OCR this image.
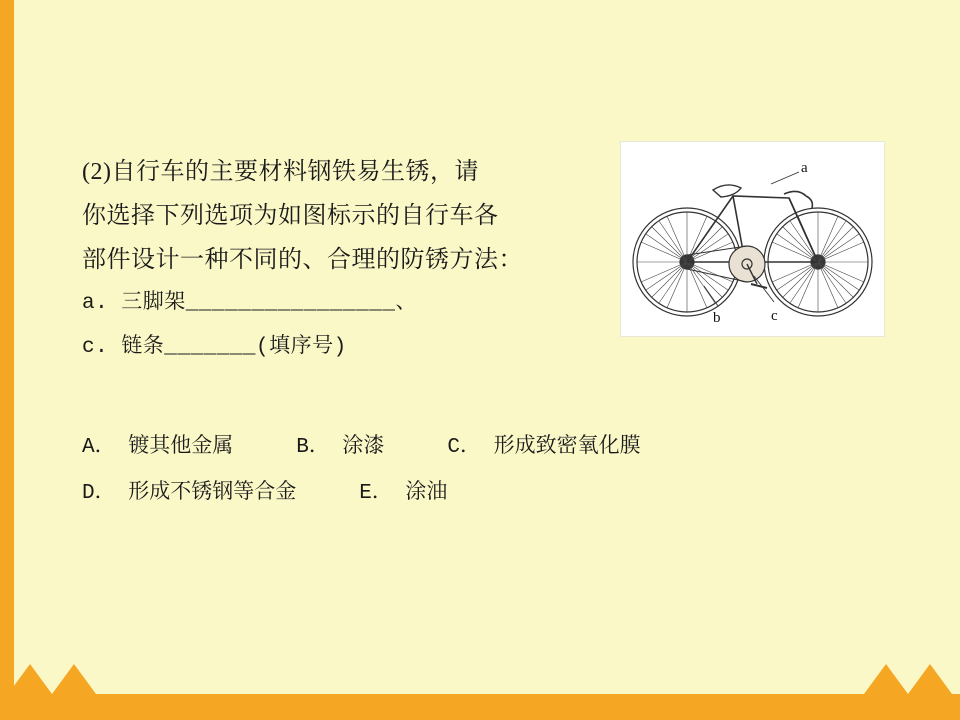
(2)自行车的主要材料钢铁易生锈，请
你选择下列选项为如图标示的自行车各
部件设计一种不同的、合理的防锈方法：
a. 三脚架________________、
c. 链条_______(填序号)
A． 镀其他金属     B． 涂漆     C． 形成致密氧化膜
D． 形成不锈钢等合金     E． 涂油
a
b	c
